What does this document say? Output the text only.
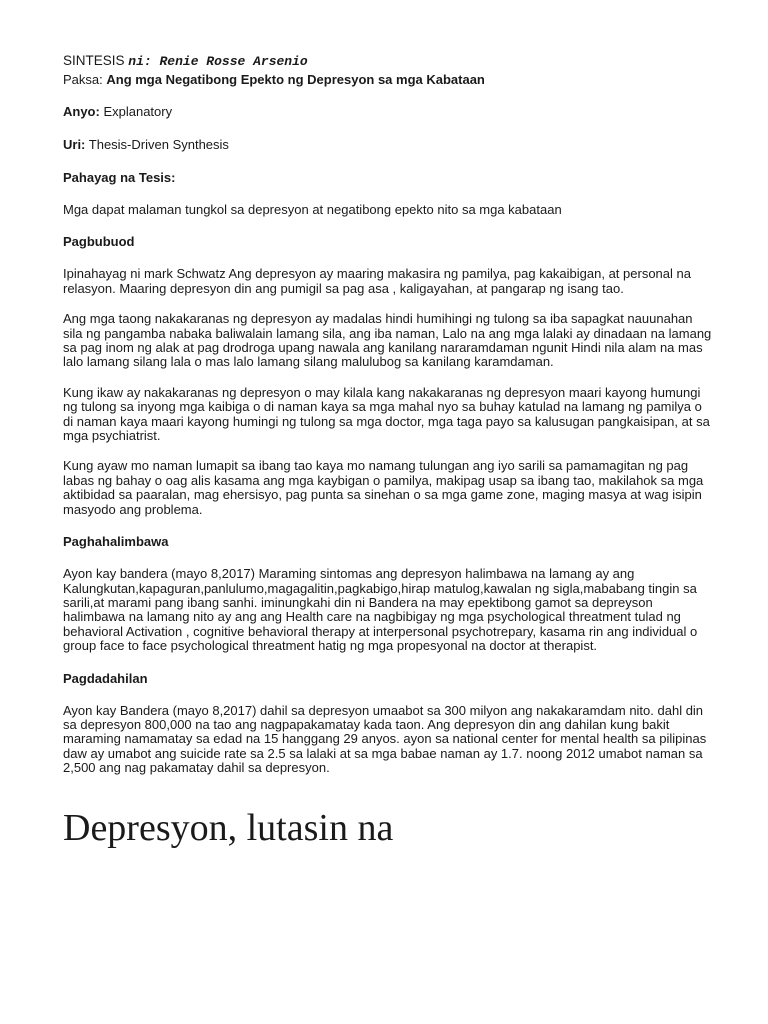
SINTESIS ni: Renie Rosse Arsenio

Paksa: Ang mga Negatibong Epekto ng Depresyon sa mga Kabataan

Anyo: Explanatory

Uri: Thesis-Driven Synthesis

Pahayag na Tesis:

Mga dapat malaman tungkol sa depresyon at negatibong epekto nito sa mga kabataan

Pagbubuod

Ipinahayag ni mark Schwatz Ang depresyon ay maaring makasira ng pamilya, pag kakaibigan, at personal na relasyon. Maaring depresyon din ang pumigil sa pag asa , kaligayahan, at pangarap ng isang tao.

Ang mga taong nakakaranas ng depresyon ay madalas hindi humihingi ng tulong sa iba sapagkat nauunahan sila ng pangamba nabaka baliwalain lamang sila, ang iba naman, Lalo na ang mga lalaki ay dinadaan na lamang sa pag inom ng alak at pag drodroga upang nawala ang kanilang nararamdaman ngunit Hindi nila alam na mas lalo lamang silang lala o mas lalo lamang silang malulubog sa kanilang karamdaman.

Kung ikaw ay nakakaranas ng depresyon o may kilala kang nakakaranas ng depresyon maari kayong humungi ng tulong sa inyong mga kaibiga o di naman kaya sa mga mahal nyo sa buhay katulad na lamang ng pamilya o di naman kaya maari kayong humingi ng tulong sa mga doctor, mga taga payo sa kalusugan pangkaisipan, at sa mga psychiatrist.

Kung ayaw mo naman lumapit sa ibang tao kaya mo namang tulungan ang iyo sarili sa pamamagitan ng pag labas ng bahay o oag alis kasama ang mga kaybigan o pamilya, makipag usap sa ibang tao, makilahok sa mga aktibidad sa paaralan, mag ehersisyo, pag punta sa sinehan o sa mga game zone, maging masya at wag isipin masyodo ang problema.

Paghahalimbawa

Ayon kay bandera (mayo 8,2017) Maraming sintomas ang depresyon halimbawa na lamang ay ang Kalungkutan,kapaguran,panlulumo,magagalitin,pagkabigo,hirap matulog,kawalan ng sigla,mababang tingin sa sarili,at marami pang ibang sanhi. iminungkahi din ni Bandera na may epektibong gamot sa depreyson halimbawa na lamang nito ay ang ang Health care na nagbibigay ng mga psychological threatment tulad ng behavioral Activation , cognitive behavioral therapy at interpersonal psychotrepary, kasama rin ang individual o group face to face psychological threatment hatig ng mga propesyonal na doctor at therapist.

Pagdadahilan

Ayon kay Bandera (mayo 8,2017) dahil sa depresyon umaabot sa 300 milyon ang nakakaramdam nito. dahl din sa depresyon 800,000 na tao ang nagpapakamatay kada taon. Ang depresyon din ang dahilan kung bakit maraming namamatay sa edad na 15 hanggang 29 anyos. ayon sa national center for mental health sa pilipinas daw ay umabot ang suicide rate sa 2.5 sa lalaki at sa mga babae naman ay 1.7. noong 2012 umabot naman sa 2,500 ang nag pakamatay dahil sa depresyon.

Depresyon, lutasin na
